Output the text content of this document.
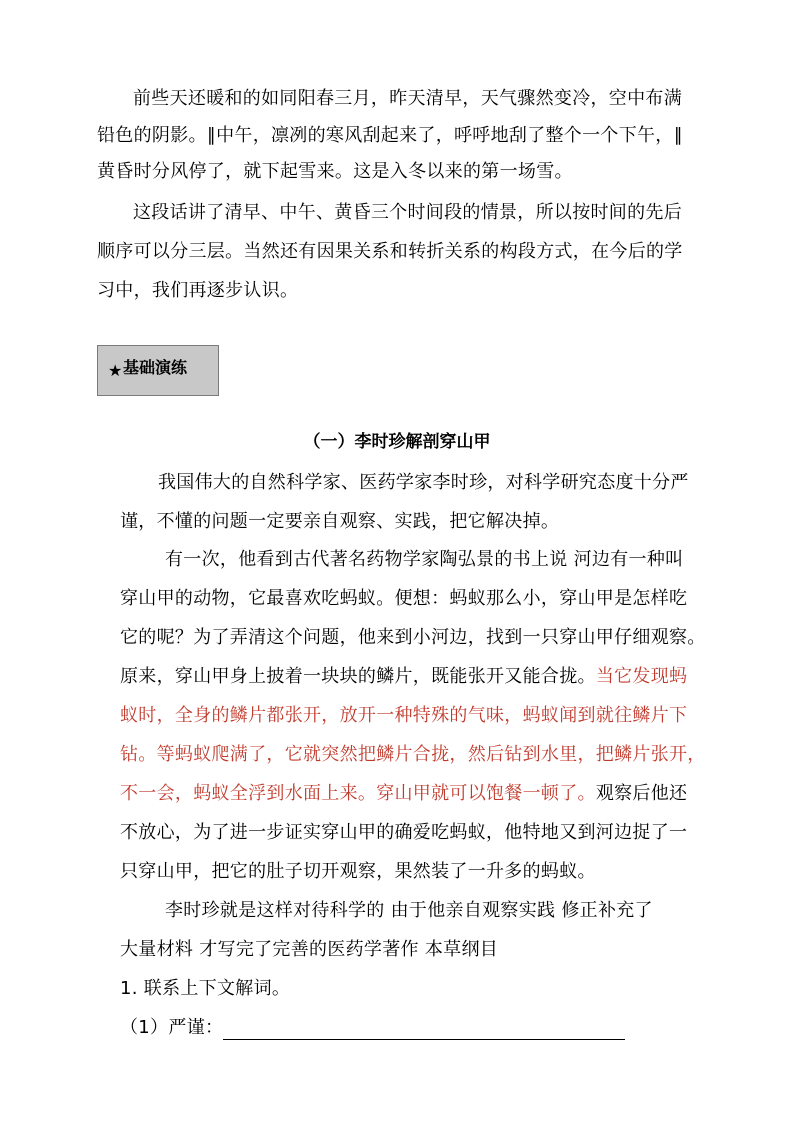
前些天还暖和的如同阳春三月，昨天清早，天气骤然变冷，空中布满
铅色的阴影。∥中午，凛冽的寒风刮起来了，呼呼地刮了整个一个下午，∥
黄昏时分风停了，就下起雪来。这是入冬以来的第一场雪。
这段话讲了清早、中午、黄昏三个时间段的情景，所以按时间的先后
顺序可以分三层。当然还有因果关系和转折关系的构段方式，在今后的学
习中，我们再逐步认识。
★ 基础演练
（一）李时珍解剖穿山甲
我国伟大的自然科学家、医药学家李时珍，对科学研究态度十分严
谨，不懂的问题一定要亲自观察、实践，把它解决掉。
有一次，他看到古代著名药物学家陶弘景的书上说 河边有一种叫
穿山甲的动物，它最喜欢吃蚂蚁。便想：蚂蚁那么小，穿山甲是怎样吃
它的呢？为了弄清这个问题，他来到小河边，找到一只穿山甲仔细观察。
原来，穿山甲身上披着一块块的鳞片，既能张开又能合拢。当它发现蚂
蚁时，全身的鳞片都张开，放开一种特殊的气味，蚂蚁闻到就往鳞片下
钻。等蚂蚁爬满了，它就突然把鳞片合拢，然后钻到水里，把鳞片张开，
不一会，蚂蚁全浮到水面上来。穿山甲就可以饱餐一顿了。观察后他还
不放心，为了进一步证实穿山甲的确爱吃蚂蚁，他特地又到河边捉了一
只穿山甲，把它的肚子切开观察，果然装了一升多的蚂蚁。
李时珍就是这样对待科学的 由于他亲自观察实践 修正补充了
大量材料 才写完了完善的医药学著作 本草纲目
1. 联系上下文解词。
（1）严谨：
